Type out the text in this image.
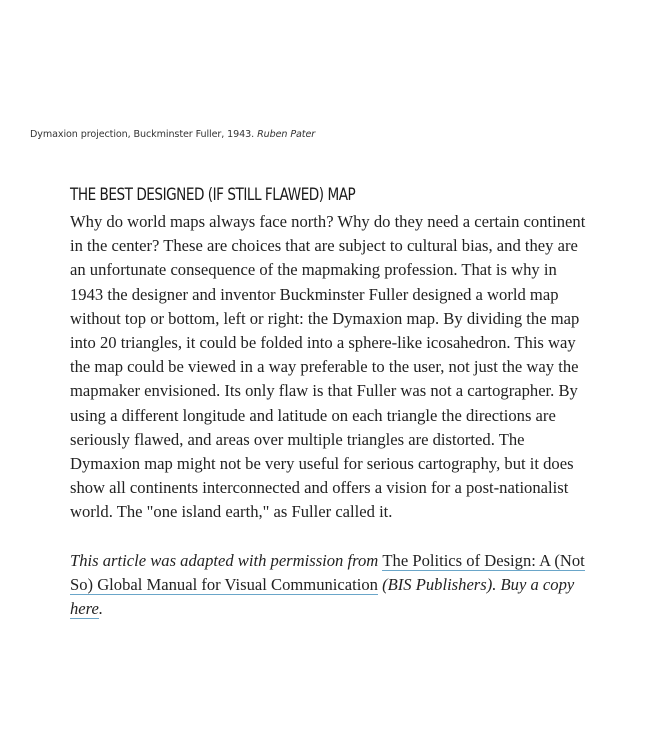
Dymaxion projection, Buckminster Fuller, 1943. Ruben Pater
THE BEST DESIGNED (IF STILL FLAWED) MAP

Why do world maps always face north? Why do they need a certain continent
in the center? These are choices that are subject to cultural bias, and they are
an unfortunate consequence of the mapmaking profession. That is why in
1943 the designer and inventor Buckminster Fuller designed a world map
without top or bottom, left or right: the Dymaxion map. By dividing the map
into 20 triangles, it could be folded into a sphere-like icosahedron. This way
the map could be viewed in a way preferable to the user, not just the way the
mapmaker envisioned. Its only flaw is that Fuller was not a cartographer. By
using a different longitude and latitude on each triangle the directions are
seriously flawed, and areas over multiple triangles are distorted. The
Dymaxion map might not be very useful for serious cartography, but it does
show all continents interconnected and offers a vision for a post-nationalist
world. The "one island earth," as Fuller called it.

This article was adapted with permission from The Politics of Design: A (Not
So) Global Manual for Visual Communication (BIS Publishers). Buy a copy
here.
